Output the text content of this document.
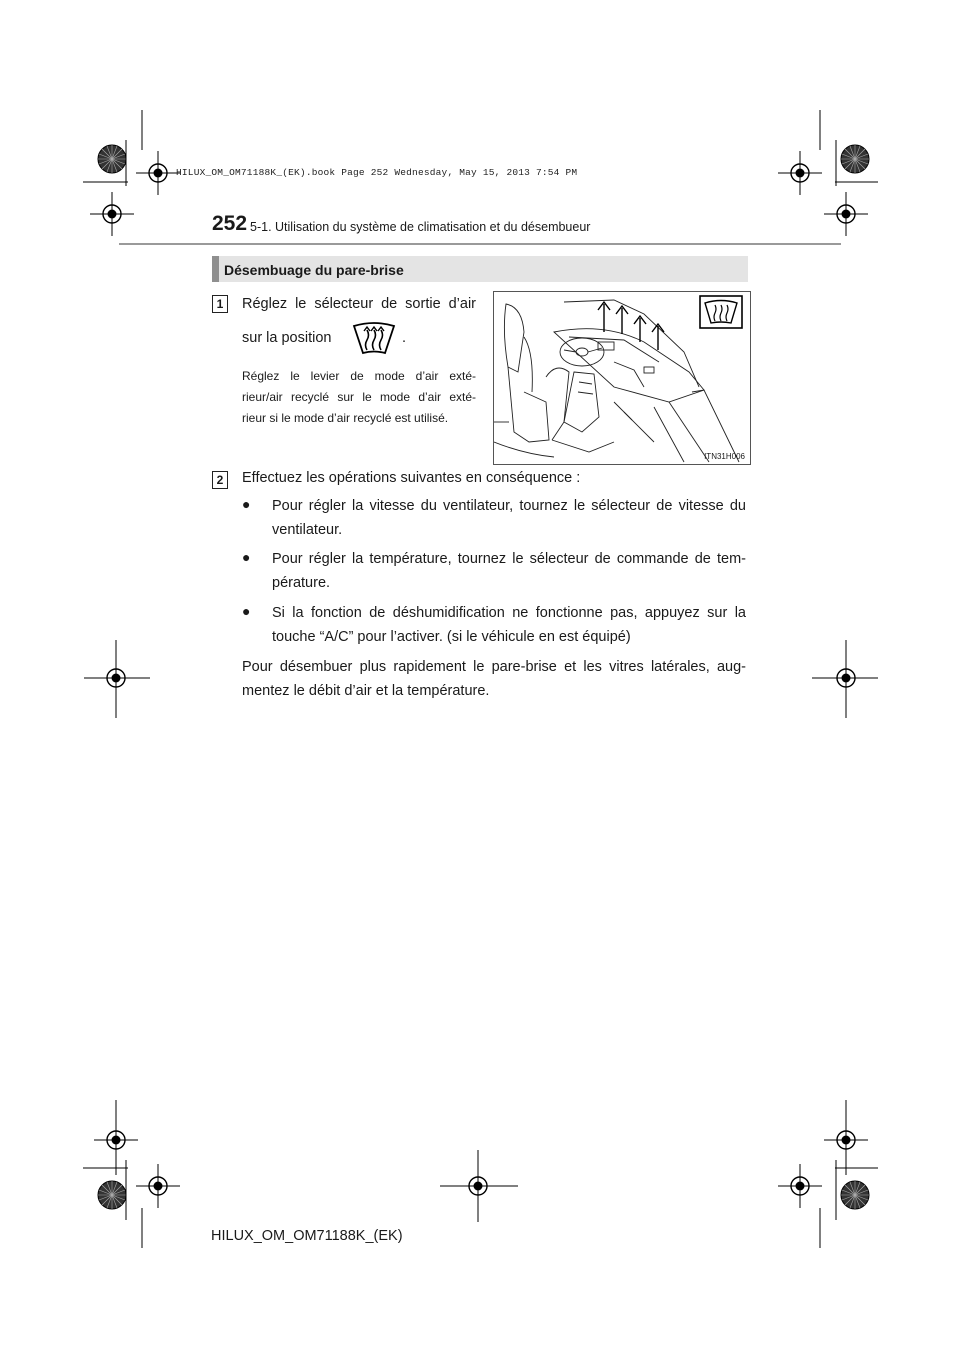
HILUX_OM_OM71188K_(EK).book Page 252 Wednesday, May 15, 2013 7:54 PM
252 5-1. Utilisation du système de climatisation et du désembueur
Désembuage du pare-brise
1	Réglez le sélecteur de sortie d’air
sur la position	.
Réglez le levier de mode d’air exté-
rieur/air recyclé sur le mode d’air exté-
rieur si le mode d’air recyclé est utilisé.
ITN31H006
2	Effectuez les opérations suivantes en conséquence :
● Pour régler la vitesse du ventilateur, tournez le sélecteur de vitesse du
ventilateur.
● Pour régler la température, tournez le sélecteur de commande de tem-
pérature.
● Si la fonction de déshumidification ne fonctionne pas, appuyez sur la
touche “A/C” pour l’activer. (si le véhicule en est équipé)
Pour désembuer plus rapidement le pare-brise et les vitres latérales, aug-
mentez le débit d’air et la température.
HILUX_OM_OM71188K_(EK)
